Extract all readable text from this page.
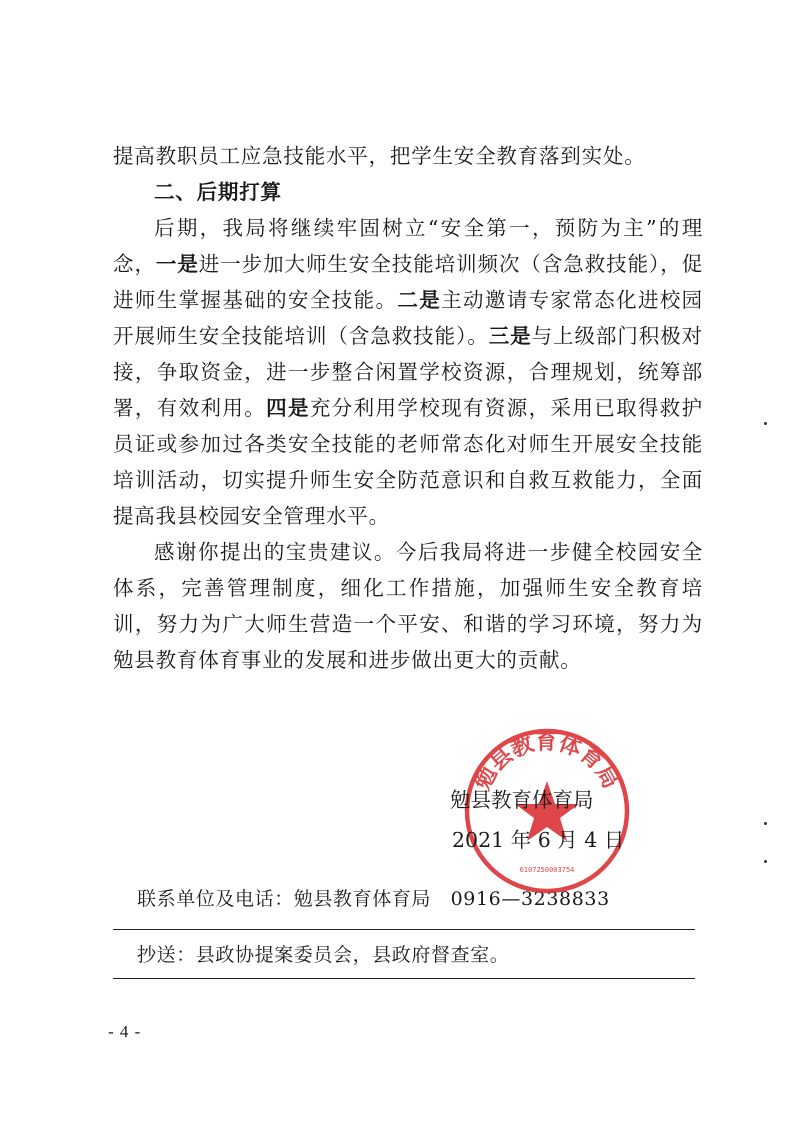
提高教职员工应急技能水平，把学生安全教育落到实处。

二、后期打算

后期，我局将继续牢固树立“安全第一，预防为主”的理念，一是进一步加大师生安全技能培训频次（含急救技能），促进师生掌握基础的安全技能。二是主动邀请专家常态化进校园开展师生安全技能培训（含急救技能）。三是与上级部门积极对接，争取资金，进一步整合闲置学校资源，合理规划，统筹部署，有效利用。四是充分利用学校现有资源，采用已取得救护员证或参加过各类安全技能的老师常态化对师生开展安全技能培训活动，切实提升师生安全防范意识和自救互救能力，全面提高我县校园安全管理水平。

感谢你提出的宝贵建议。今后我局将进一步健全校园安全体系，完善管理制度，细化工作措施，加强师生安全教育培训，努力为广大师生营造一个平安、和谐的学习环境，努力为勉县教育体育事业的发展和进步做出更大的贡献。

勉县教育体育局
6107250003754
勉县教育体育局
2021 年 6 月 4 日
联系单位及电话：勉县教育体育局　0916—3238833
抄送：县政协提案委员会，县政府督查室。
- 4 -
